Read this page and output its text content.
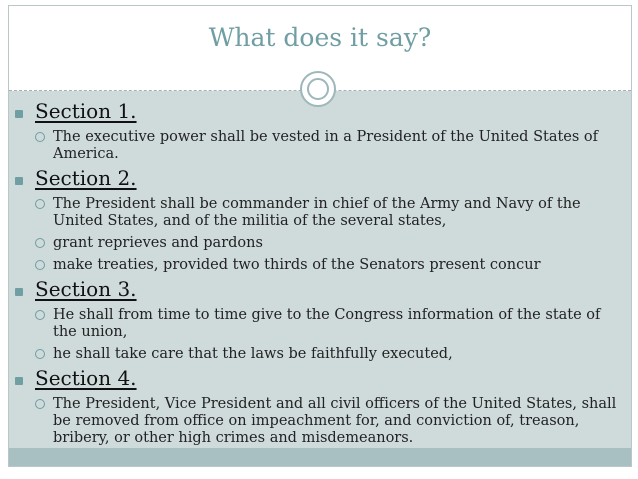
What does it say?
Section 1.
The executive power shall be vested in a President of the United States of America.
Section 2.
The President shall be commander in chief of the Army and Navy of the United States, and of the militia of the several states,
grant reprieves and pardons
make treaties, provided two thirds of the Senators present concur
Section 3.
He shall from time to time give to the Congress information of the state of the union,
he shall take care that the laws be faithfully executed,
Section 4.
The President, Vice President and all civil officers of the United States, shall be removed from office on impeachment for, and conviction of, treason, bribery, or other high crimes and misdemeanors.
